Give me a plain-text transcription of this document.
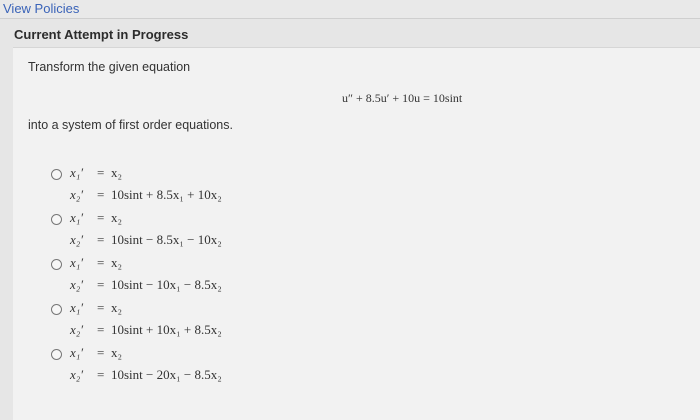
View Policies
Current Attempt in Progress
Transform the given equation
u″ + 8.5u′ + 10u = 10sint
into a system of first order equations.
x₁′ = x₂
x₂′ = 10sint + 8.5x₁ + 10x₂
x₁′ = x₂
x₂′ = 10sint − 8.5x₁ − 10x₂
x₁′ = x₂
x₂′ = 10sint − 10x₁ − 8.5x₂
x₁′ = x₂
x₂′ = 10sint + 10x₁ + 8.5x₂
x₁′ = x₂
x₂′ = 10sint − 20x₁ − 8.5x₂
